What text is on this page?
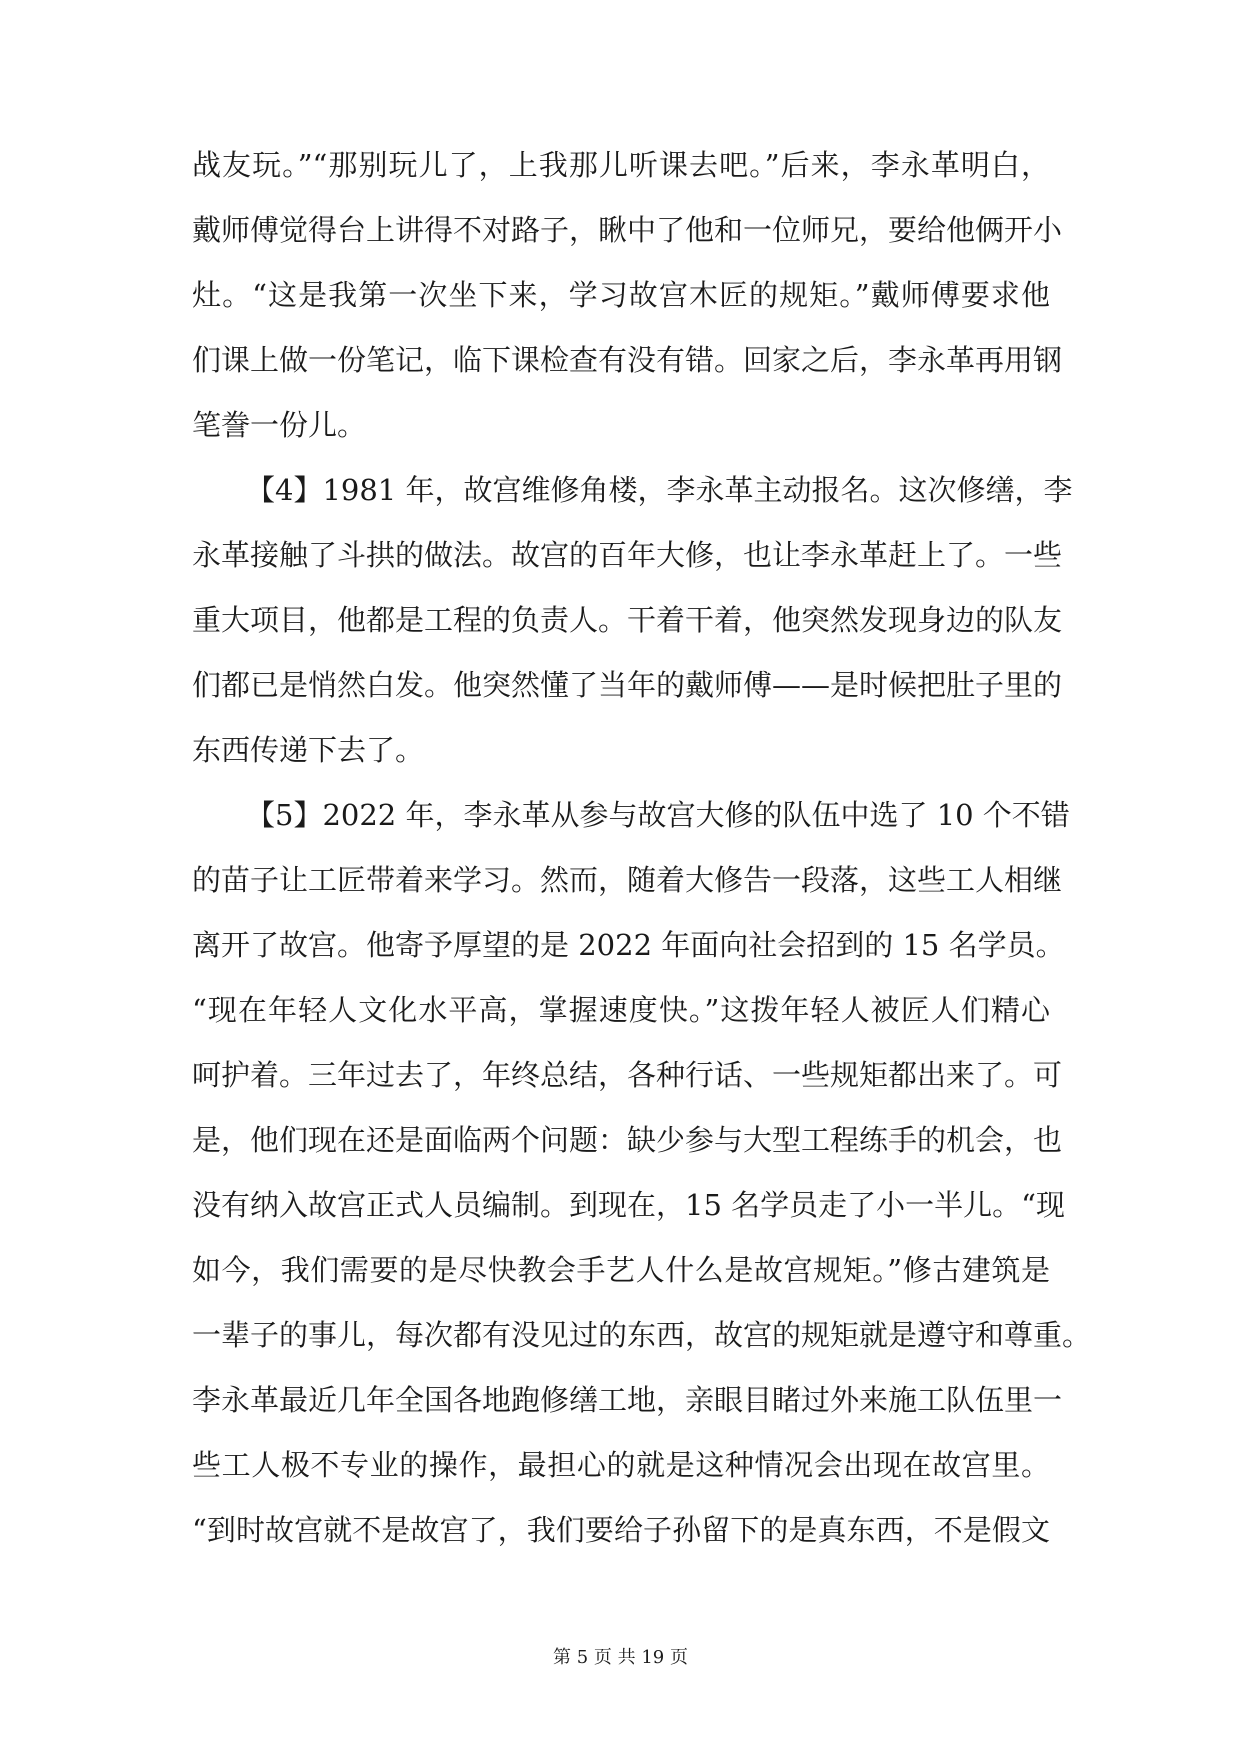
战友玩。”“那别玩儿了，上我那儿听课去吧。”后来，李永革明白，
戴师傅觉得台上讲得不对路子，瞅中了他和一位师兄，要给他俩开小
灶。“这是我第一次坐下来，学习故宫木匠的规矩。”戴师傅要求他
们课上做一份笔记，临下课检查有没有错。回家之后，李永革再用钢
笔誊一份儿。
【4】1981 年，故宫维修角楼，李永革主动报名。这次修缮，李
永革接触了斗拱的做法。故宫的百年大修，也让李永革赶上了。一些
重大项目，他都是工程的负责人。干着干着，他突然发现身边的队友
们都已是悄然白发。他突然懂了当年的戴师傅——是时候把肚子里的
东西传递下去了。
【5】2022 年，李永革从参与故宫大修的队伍中选了 10 个不错
的苗子让工匠带着来学习。然而，随着大修告一段落，这些工人相继
离开了故宫。他寄予厚望的是 2022 年面向社会招到的 15 名学员。
“现在年轻人文化水平高，掌握速度快。”这拨年轻人被匠人们精心
呵护着。三年过去了，年终总结，各种行话、一些规矩都出来了。可
是，他们现在还是面临两个问题：缺少参与大型工程练手的机会，也
没有纳入故宫正式人员编制。到现在，15 名学员走了小一半儿。“现
如今，我们需要的是尽快教会手艺人什么是故宫规矩。”修古建筑是
一辈子的事儿，每次都有没见过的东西，故宫的规矩就是遵守和尊重。
李永革最近几年全国各地跑修缮工地，亲眼目睹过外来施工队伍里一
些工人极不专业的操作，最担心的就是这种情况会出现在故宫里。
“到时故宫就不是故宫了，我们要给子孙留下的是真东西，不是假文
第 5 页 共 19 页
